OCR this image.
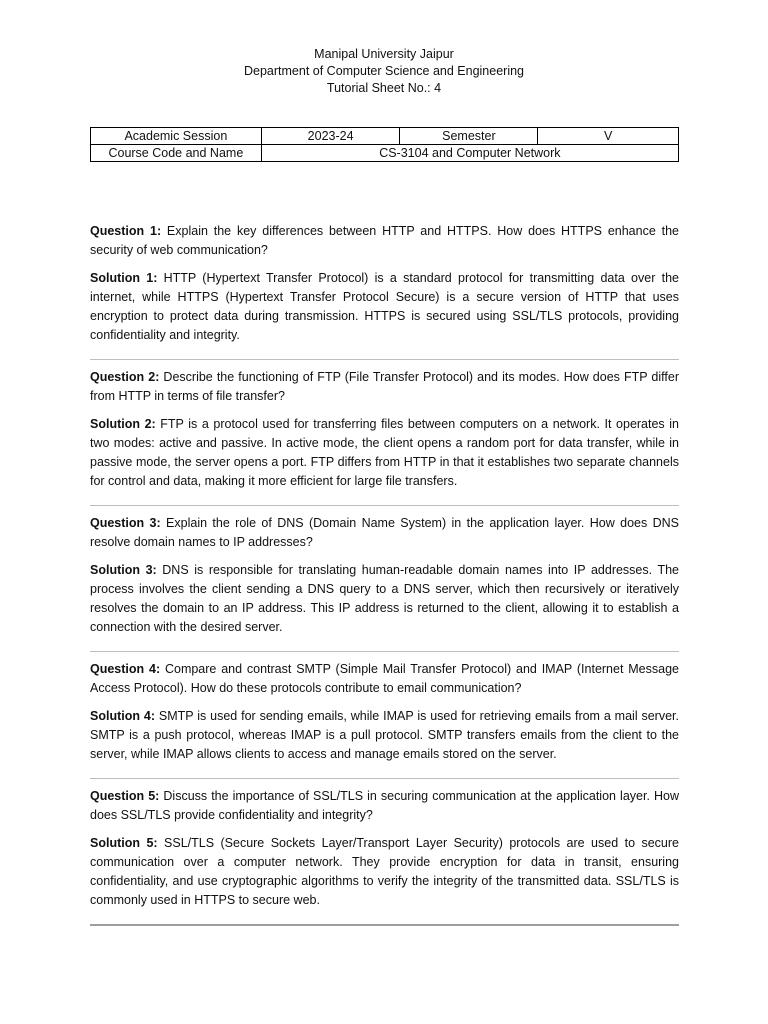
Manipal University Jaipur
Department of Computer Science and Engineering
Tutorial Sheet No.: 4
Academic Session	2023-24	Semester	V
Course Code and Name	CS-3104 and Computer Network		

Question 1: Explain the key differences between HTTP and HTTPS. How does HTTPS enhance the security of web communication?

Solution 1: HTTP (Hypertext Transfer Protocol) is a standard protocol for transmitting data over the internet, while HTTPS (Hypertext Transfer Protocol Secure) is a secure version of HTTP that uses encryption to protect data during transmission. HTTPS is secured using SSL/TLS protocols, providing confidentiality and integrity.

Question 2: Describe the functioning of FTP (File Transfer Protocol) and its modes. How does FTP differ from HTTP in terms of file transfer?

Solution 2: FTP is a protocol used for transferring files between computers on a network. It operates in two modes: active and passive. In active mode, the client opens a random port for data transfer, while in passive mode, the server opens a port. FTP differs from HTTP in that it establishes two separate channels for control and data, making it more efficient for large file transfers.

Question 3: Explain the role of DNS (Domain Name System) in the application layer. How does DNS resolve domain names to IP addresses?

Solution 3: DNS is responsible for translating human-readable domain names into IP addresses. The process involves the client sending a DNS query to a DNS server, which then recursively or iteratively resolves the domain to an IP address. This IP address is returned to the client, allowing it to establish a connection with the desired server.

Question 4: Compare and contrast SMTP (Simple Mail Transfer Protocol) and IMAP (Internet Message Access Protocol). How do these protocols contribute to email communication?

Solution 4: SMTP is used for sending emails, while IMAP is used for retrieving emails from a mail server. SMTP is a push protocol, whereas IMAP is a pull protocol. SMTP transfers emails from the client to the server, while IMAP allows clients to access and manage emails stored on the server.

Question 5: Discuss the importance of SSL/TLS in securing communication at the application layer. How does SSL/TLS provide confidentiality and integrity?

Solution 5: SSL/TLS (Secure Sockets Layer/Transport Layer Security) protocols are used to secure communication over a computer network. They provide encryption for data in transit, ensuring confidentiality, and use cryptographic algorithms to verify the integrity of the transmitted data. SSL/TLS is commonly used in HTTPS to secure web.
